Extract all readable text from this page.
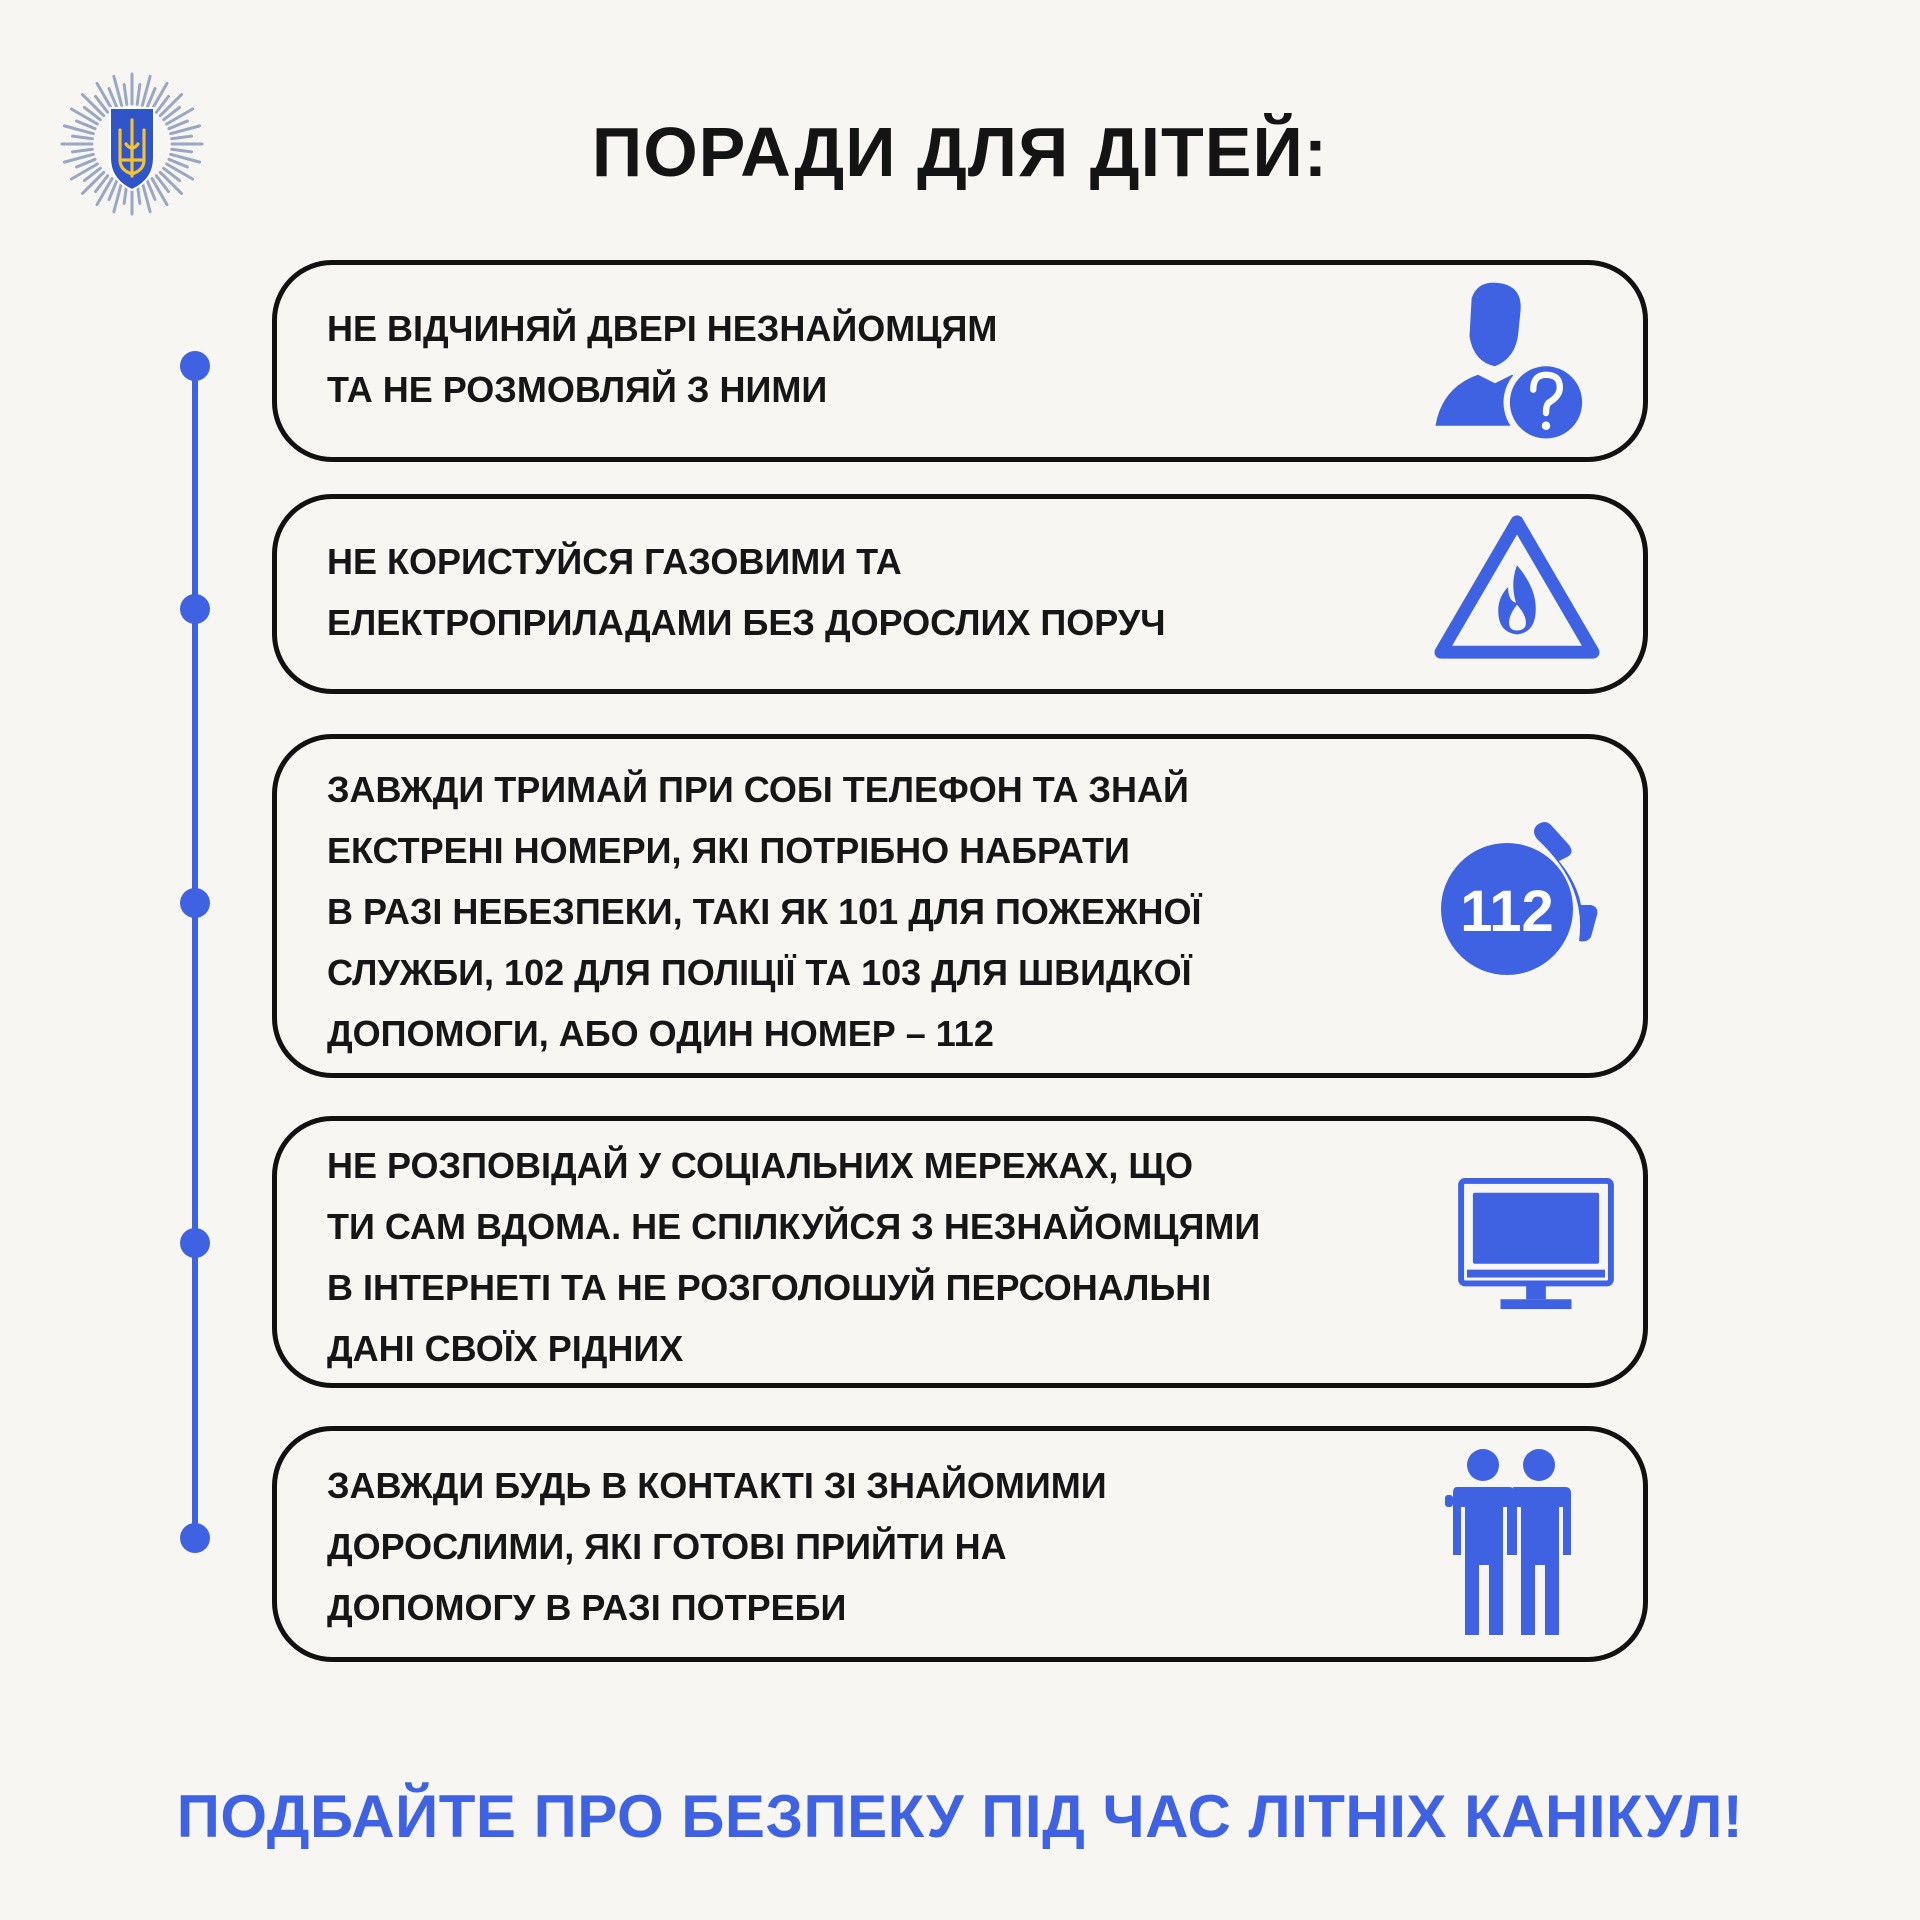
ПОРАДИ ДЛЯ ДІТЕЙ:
НЕ ВІДЧИНЯЙ ДВЕРІ НЕЗНАЙОМЦЯМ
ТА НЕ РОЗМОВЛЯЙ З НИМИ
НЕ КОРИСТУЙСЯ ГАЗОВИМИ ТА
ЕЛЕКТРОПРИЛАДАМИ БЕЗ ДОРОСЛИХ ПОРУЧ
ЗАВЖДИ ТРИМАЙ ПРИ СОБІ ТЕЛЕФОН ТА ЗНАЙ
ЕКСТРЕНІ НОМЕРИ, ЯКІ ПОТРІБНО НАБРАТИ
В РАЗІ НЕБЕЗПЕКИ, ТАКІ ЯК 101 ДЛЯ ПОЖЕЖНОЇ
СЛУЖБИ, 102 ДЛЯ ПОЛІЦІЇ ТА 103 ДЛЯ ШВИДКОЇ
ДОПОМОГИ, АБО ОДИН НОМЕР – 112
112
НЕ РОЗПОВІДАЙ У СОЦІАЛЬНИХ МЕРЕЖАХ, ЩО
ТИ САМ ВДОМА. НЕ СПІЛКУЙСЯ З НЕЗНАЙОМЦЯМИ
В ІНТЕРНЕТІ ТА НЕ РОЗГОЛОШУЙ ПЕРСОНАЛЬНІ
ДАНІ СВОЇХ РІДНИХ
ЗАВЖДИ БУДЬ В КОНТАКТІ ЗІ ЗНАЙОМИМИ
ДОРОСЛИМИ, ЯКІ ГОТОВІ ПРИЙТИ НА
ДОПОМОГУ В РАЗІ ПОТРЕБИ

ПОДБАЙТЕ ПРО БЕЗПЕКУ ПІД ЧАС ЛІТНІХ КАНІКУЛ!
